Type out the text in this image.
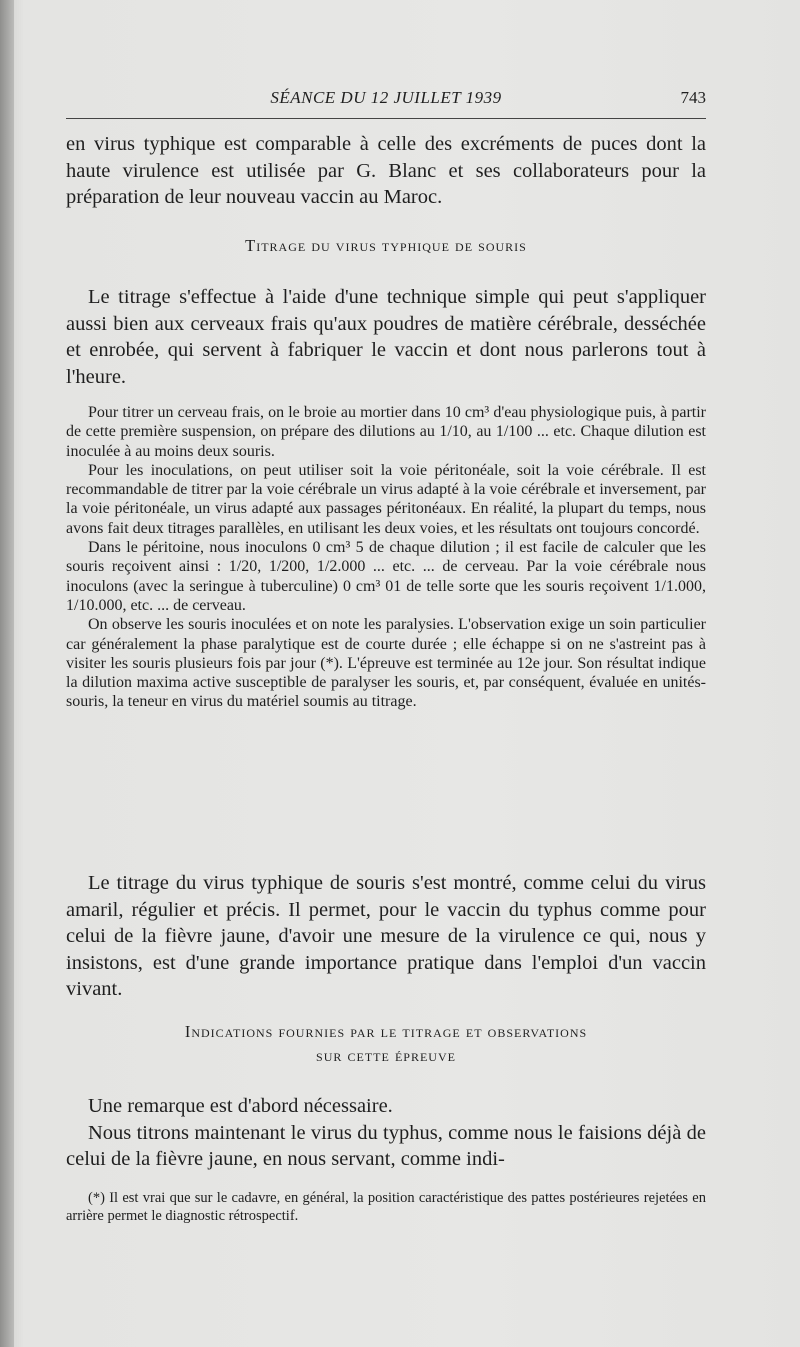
SÉANCE DU 12 JUILLET 1939	743

en virus typhique est comparable à celle des excréments de puces dont la haute virulence est utilisée par G. Blanc et ses collaborateurs pour la préparation de leur nouveau vaccin au Maroc.

Titrage du virus typhique de souris

Le titrage s'effectue à l'aide d'une technique simple qui peut s'appliquer aussi bien aux cerveaux frais qu'aux poudres de matière cérébrale, desséchée et enrobée, qui servent à fabriquer le vaccin et dont nous parlerons tout à l'heure.

Pour titrer un cerveau frais, on le broie au mortier dans 10 cm³ d'eau physiologique puis, à partir de cette première suspension, on prépare des dilutions au 1/10, au 1/100 ... etc. Chaque dilution est inoculée à au moins deux souris.

Pour les inoculations, on peut utiliser soit la voie péritonéale, soit la voie cérébrale. Il est recommandable de titrer par la voie cérébrale un virus adapté à la voie cérébrale et inversement, par la voie péritonéale, un virus adapté aux passages péritonéaux. En réalité, la plupart du temps, nous avons fait deux titrages parallèles, en utilisant les deux voies, et les résultats ont toujours concordé.

Dans le péritoine, nous inoculons 0 cm³ 5 de chaque dilution ; il est facile de calculer que les souris reçoivent ainsi : 1/20, 1/200, 1/2.000 ... etc. ... de cerveau. Par la voie cérébrale nous inoculons (avec la seringue à tuberculine) 0 cm³ 01 de telle sorte que les souris reçoivent 1/1.000, 1/10.000, etc. ... de cerveau.

On observe les souris inoculées et on note les paralysies. L'observation exige un soin particulier car généralement la phase paralytique est de courte durée ; elle échappe si on ne s'astreint pas à visiter les souris plusieurs fois par jour (*). L'épreuve est terminée au 12e jour. Son résultat indique la dilution maxima active susceptible de paralyser les souris, et, par conséquent, évaluée en unités-souris, la teneur en virus du matériel soumis au titrage.

Le titrage du virus typhique de souris s'est montré, comme celui du virus amaril, régulier et précis. Il permet, pour le vaccin du typhus comme pour celui de la fièvre jaune, d'avoir une mesure de la virulence ce qui, nous y insistons, est d'une grande importance pratique dans l'emploi d'un vaccin vivant.

Indications fournies par le titrage et observations
sur cette épreuve

Une remarque est d'abord nécessaire.

Nous titrons maintenant le virus du typhus, comme nous le faisions déjà de celui de la fièvre jaune, en nous servant, comme indi-

(*) Il est vrai que sur le cadavre, en général, la position caractéristique des pattes postérieures rejetées en arrière permet le diagnostic rétrospectif.
